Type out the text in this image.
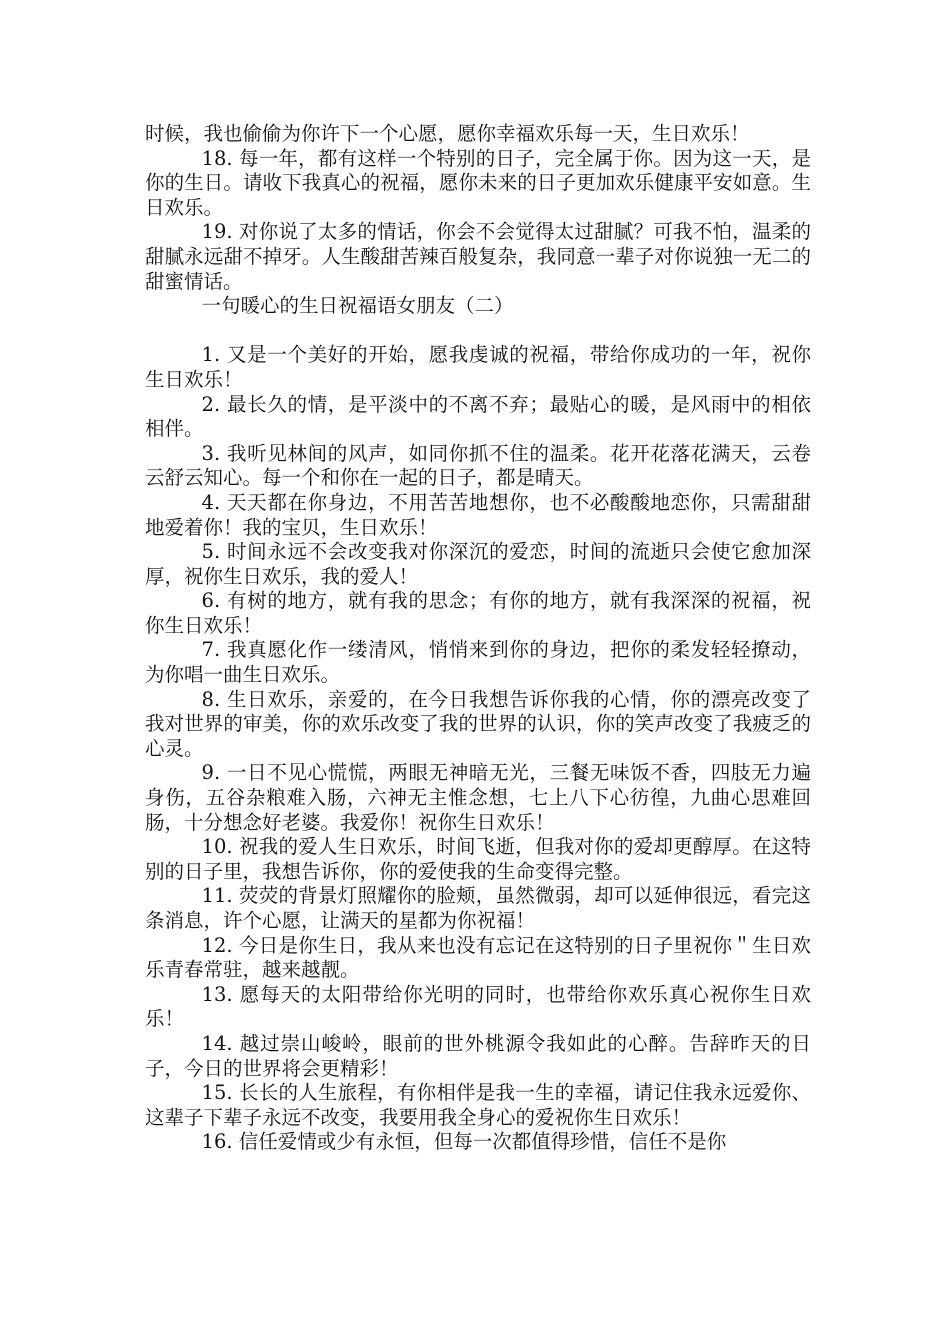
时候，我也偷偷为你许下一个心愿，愿你幸福欢乐每一天，生日欢乐！

18. 每一年，都有这样一个特别的日子，完全属于你。因为这一天，是你的生日。请收下我真心的祝福，愿你未来的日子更加欢乐健康平安如意。生日欢乐。

19. 对你说了太多的情话，你会不会觉得太过甜腻？可我不怕，温柔的甜腻永远甜不掉牙。人生酸甜苦辣百般复杂，我同意一辈子对你说独一无二的甜蜜情话。

一句暖心的生日祝福语女朋友（二）

1. 又是一个美好的开始，愿我虔诚的祝福，带给你成功的一年，祝你生日欢乐！

2. 最长久的情，是平淡中的不离不弃；最贴心的暖，是风雨中的相依相伴。

3. 我听见林间的风声，如同你抓不住的温柔。花开花落花满天，云卷云舒云知心。每一个和你在一起的日子，都是晴天。

4. 天天都在你身边，不用苦苦地想你，也不必酸酸地恋你，只需甜甜地爱着你！我的宝贝，生日欢乐！

5. 时间永远不会改变我对你深沉的爱恋，时间的流逝只会使它愈加深厚，祝你生日欢乐，我的爱人！

6. 有树的地方，就有我的思念；有你的地方，就有我深深的祝福，祝你生日欢乐！

7. 我真愿化作一缕清风，悄悄来到你的身边，把你的柔发轻轻撩动，为你唱一曲生日欢乐。

8. 生日欢乐，亲爱的，在今日我想告诉你我的心情，你的漂亮改变了我对世界的审美，你的欢乐改变了我的世界的认识，你的笑声改变了我疲乏的心灵。

9. 一日不见心慌慌，两眼无神暗无光，三餐无味饭不香，四肢无力遍身伤，五谷杂粮难入肠，六神无主惟念想，七上八下心彷徨，九曲心思难回肠，十分想念好老婆。我爱你！祝你生日欢乐！

10. 祝我的爱人生日欢乐，时间飞逝，但我对你的爱却更醇厚。在这特别的日子里，我想告诉你，你的爱使我的生命变得完整。

11. 荧荧的背景灯照耀你的脸颊，虽然微弱，却可以延伸很远，看完这条消息，许个心愿，让满天的星都为你祝福！

12. 今日是你生日，我从来也没有忘记在这特别的日子里祝你＂生日欢乐青春常驻，越来越靓。

13. 愿每天的太阳带给你光明的同时，也带给你欢乐真心祝你生日欢乐！

14. 越过崇山峻岭，眼前的世外桃源令我如此的心醉。告辞昨天的日子，今日的世界将会更精彩！

15. 长长的人生旅程，有你相伴是我一生的幸福，请记住我永远爱你、这辈子下辈子永远不改变，我要用我全身心的爱祝你生日欢乐！

16. 信任爱情或少有永恒，但每一次都值得珍惜，信任不是你
